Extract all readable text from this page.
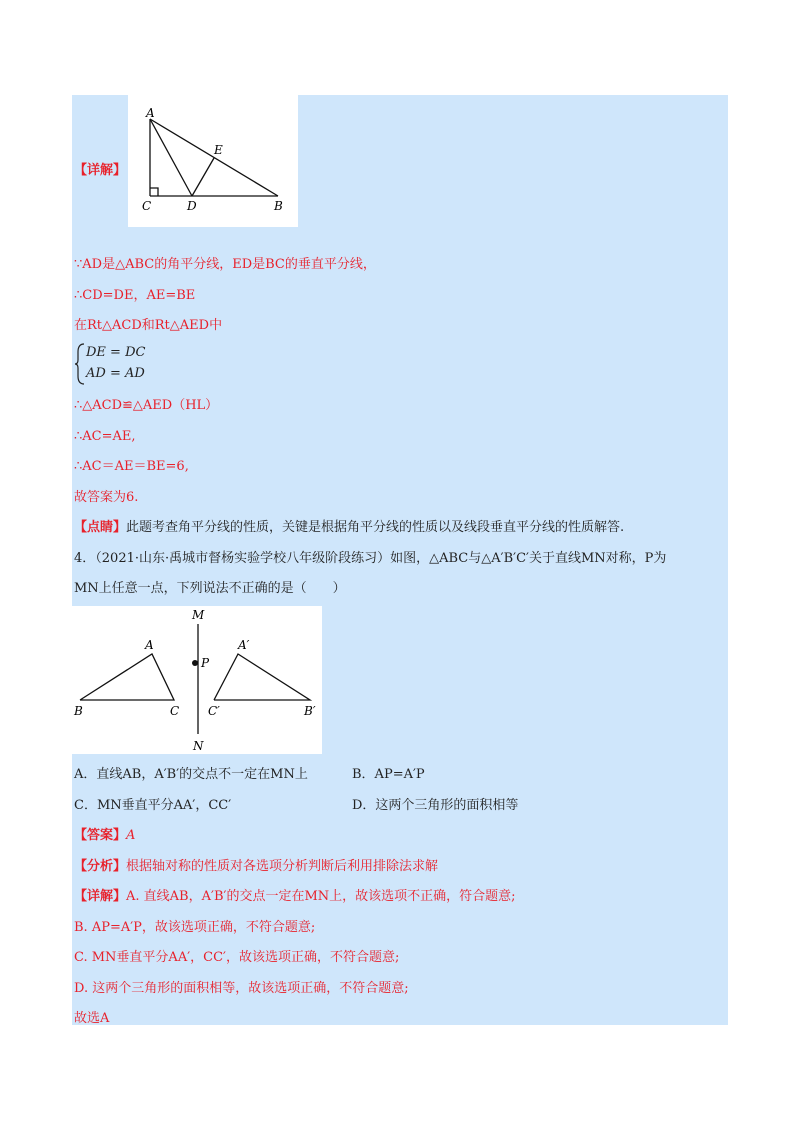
A
E
C	D	B
【详解】
∵AD是△ABC的角平分线，ED是BC的垂直平分线，
∴CD=DE，AE=BE
在Rt△ACD和Rt△AED中
DE = DC
AD = AD
∴△ACD≌△AED（HL）
∴AC=AE,
∴AC＝AE＝BE=6,
故答案为6.
【点睛】此题考查角平分线的性质，关键是根据角平分线的性质以及线段垂直平分线的性质解答.
4．（2021·山东·禹城市督杨实验学校八年级阶段练习）如图，△ABC与△A′B′C′关于直线MN对称，P为
MN上任意一点，下列说法不正确的是（　　）
M
N
P
A
B	C
A′
C′	B′
A．直线AB，A′B′的交点不一定在MN上	B．AP=A′P
C．MN垂直平分AA′，CC′	D．这两个三角形的面积相等
【答案】A
【分析】根据轴对称的性质对各选项分析判断后利用排除法求解
【详解】A. 直线AB，A′B′的交点一定在MN上，故该选项不正确，符合题意;
B. AP=A′P，故该选项正确，不符合题意;
C. MN垂直平分AA′，CC′，故该选项正确，不符合题意;
D. 这两个三角形的面积相等，故该选项正确，不符合题意;
故选A
